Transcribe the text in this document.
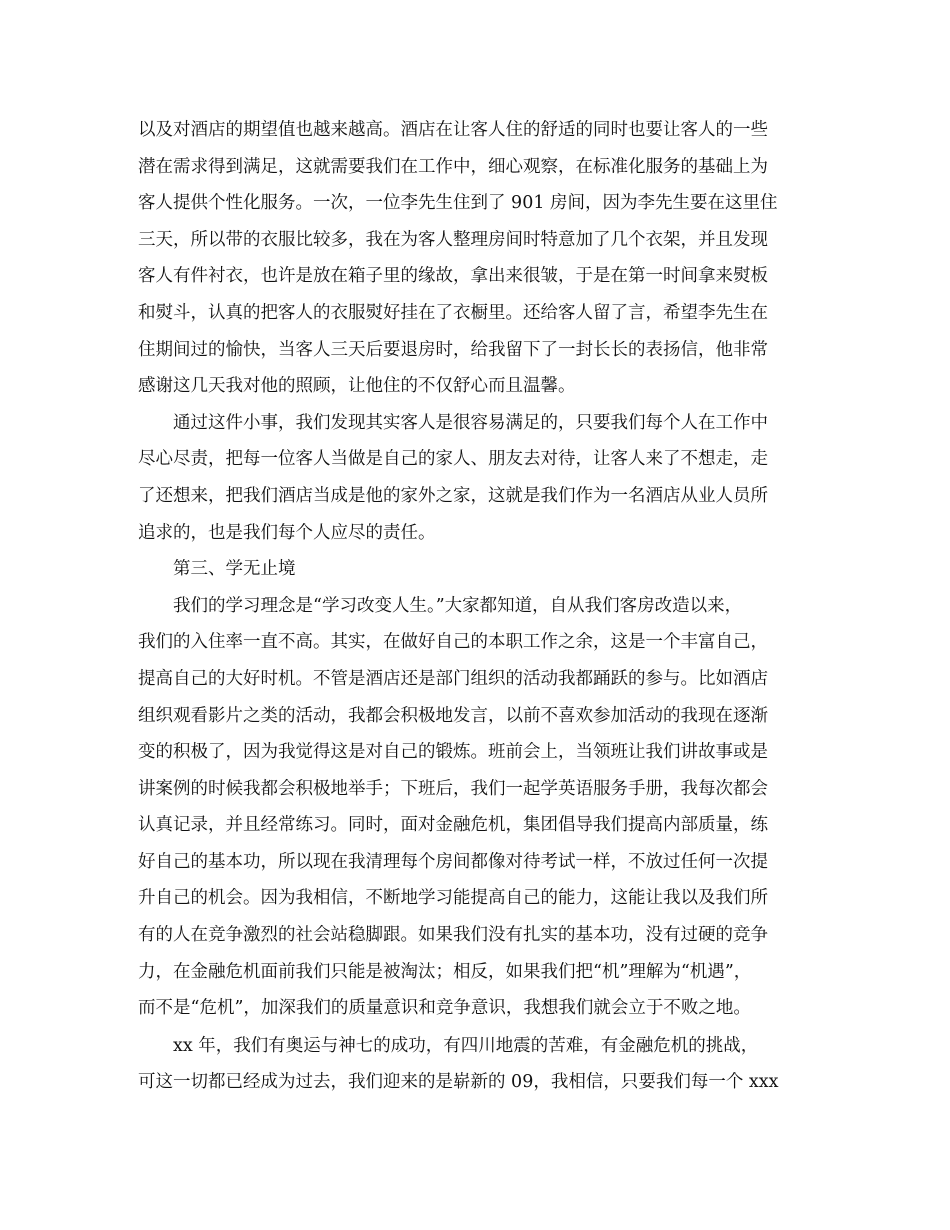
以及对酒店的期望值也越来越高。酒店在让客人住的舒适的同时也要让客人的一些
潜在需求得到满足，这就需要我们在工作中，细心观察，在标准化服务的基础上为
客人提供个性化服务。一次，一位李先生住到了 901 房间，因为李先生要在这里住
三天，所以带的衣服比较多，我在为客人整理房间时特意加了几个衣架，并且发现
客人有件衬衣，也许是放在箱子里的缘故，拿出来很皱，于是在第一时间拿来熨板
和熨斗，认真的把客人的衣服熨好挂在了衣橱里。还给客人留了言，希望李先生在
住期间过的愉快，当客人三天后要退房时，给我留下了一封长长的表扬信，他非常
感谢这几天我对他的照顾，让他住的不仅舒心而且温馨。
　　通过这件小事，我们发现其实客人是很容易满足的，只要我们每个人在工作中
尽心尽责，把每一位客人当做是自己的家人、朋友去对待，让客人来了不想走，走
了还想来，把我们酒店当成是他的家外之家，这就是我们作为一名酒店从业人员所
追求的，也是我们每个人应尽的责任。
　　第三、学无止境
　　我们的学习理念是“学习改变人生。”大家都知道，自从我们客房改造以来，
我们的入住率一直不高。其实，在做好自己的本职工作之余，这是一个丰富自己，
提高自己的大好时机。不管是酒店还是部门组织的活动我都踊跃的参与。比如酒店
组织观看影片之类的活动，我都会积极地发言，以前不喜欢参加活动的我现在逐渐
变的积极了，因为我觉得这是对自己的锻炼。班前会上，当领班让我们讲故事或是
讲案例的时候我都会积极地举手；下班后，我们一起学英语服务手册，我每次都会
认真记录，并且经常练习。同时，面对金融危机，集团倡导我们提高内部质量，练
好自己的基本功，所以现在我清理每个房间都像对待考试一样，不放过任何一次提
升自己的机会。因为我相信，不断地学习能提高自己的能力，这能让我以及我们所
有的人在竞争激烈的社会站稳脚跟。如果我们没有扎实的基本功，没有过硬的竞争
力，在金融危机面前我们只能是被淘汰；相反，如果我们把“机”理解为“机遇”，
而不是“危机”，加深我们的质量意识和竞争意识，我想我们就会立于不败之地。
　　xx 年，我们有奥运与神七的成功，有四川地震的苦难，有金融危机的挑战，
可这一切都已经成为过去，我们迎来的是崭新的 09，我相信，只要我们每一个 xxx
